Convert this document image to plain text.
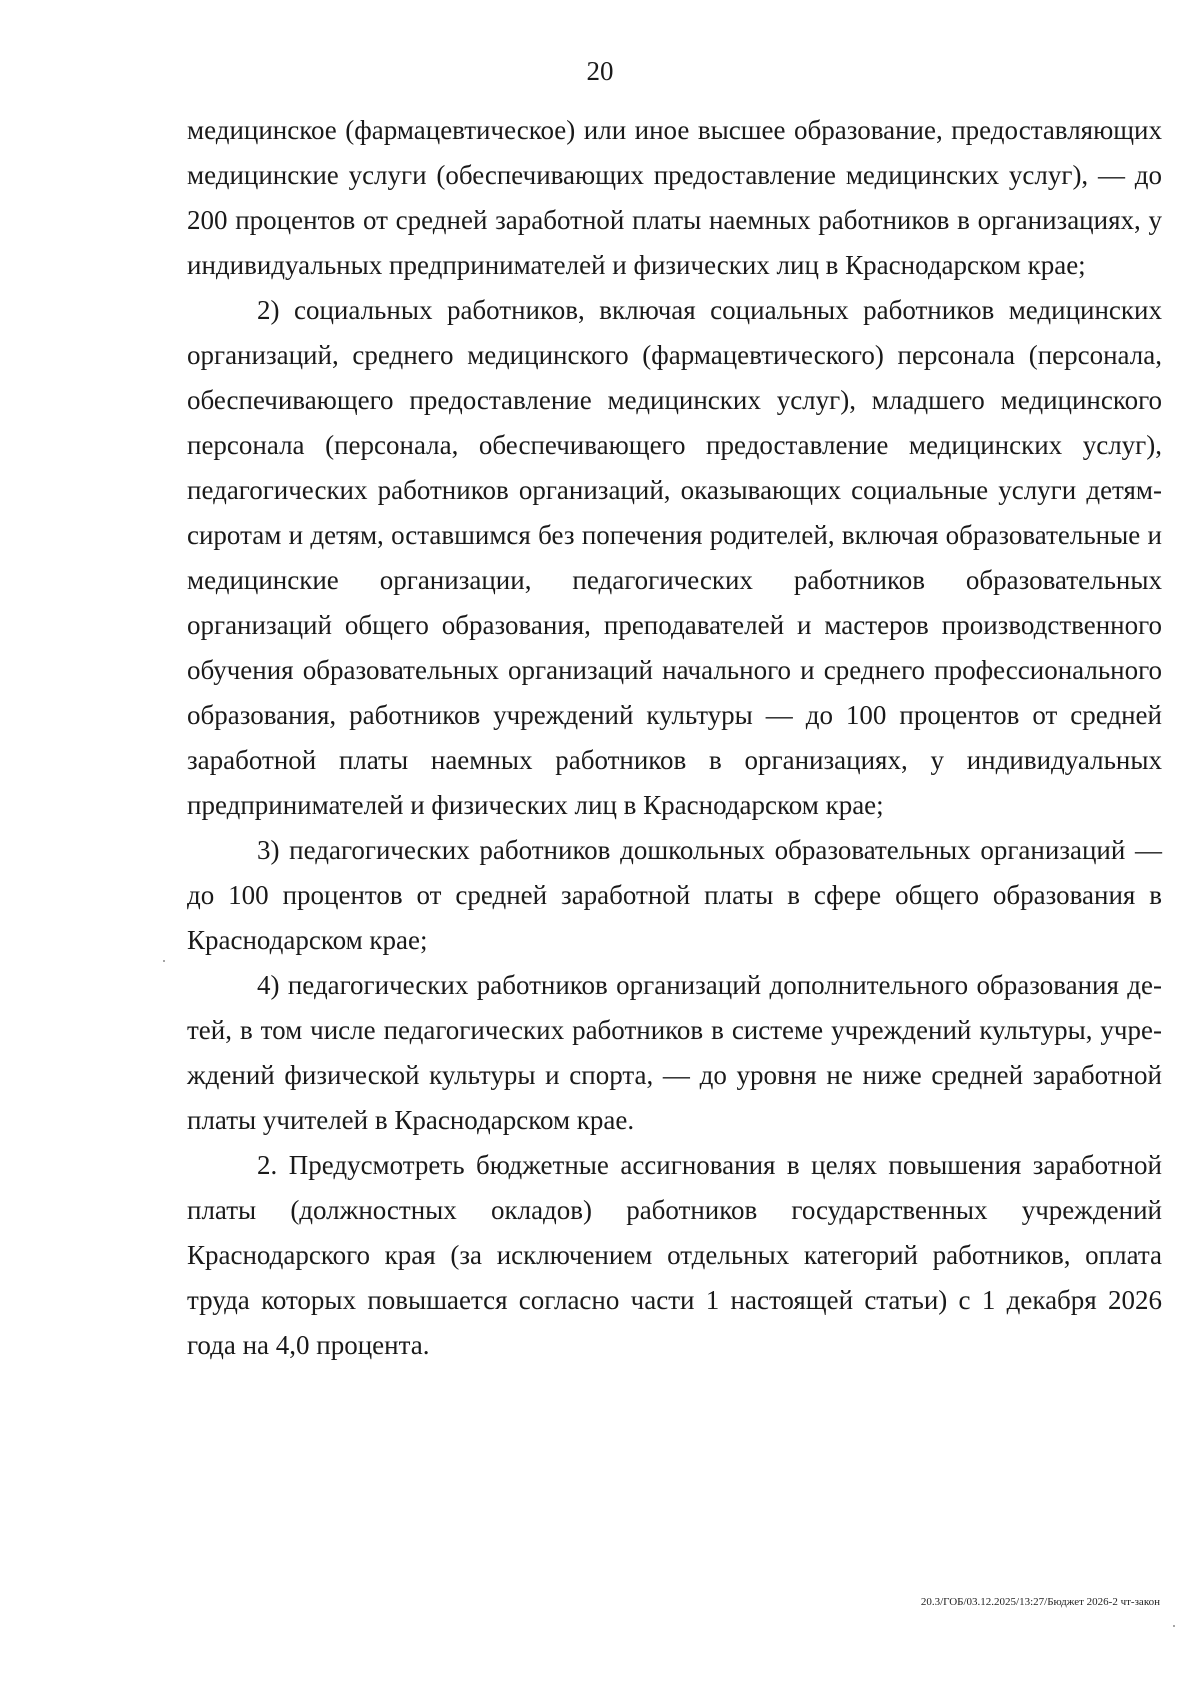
20

медицинское (фармацевтическое) или иное высшее образование, предоставляющих медицинские услуги (обеспечивающих предоставление медицинских услуг), — до 200 процентов от средней заработной платы наемных работников в организациях, у индивидуальных предпринимателей и физических лиц в Краснодарском крае;

2) социальных работников, включая социальных работников медицинских организаций, среднего медицинского (фармацевтического) персонала (персонала, обеспечивающего предоставление медицинских услуг), младшего медицинского персонала (персонала, обеспечивающего предоставление медицинских услуг), педагогических работников организаций, оказывающих социальные услуги детям-сиротам и детям, оставшимся без попечения родителей, включая образовательные и медицинские организации, педагогических работников образовательных организаций общего образования, преподавателей и мастеров производственного обучения образовательных организаций начального и среднего профессионального образования, работников учреждений культуры — до 100 процентов от средней заработной платы наемных работников в организациях, у индивидуальных предпринимателей и физических лиц в Краснодарском крае;

3) педагогических работников дошкольных образовательных организаций — до 100 процентов от средней заработной платы в сфере общего образования в Краснодарском крае;

4) педагогических работников организаций дополнительного образования детей, в том числе педагогических работников в системе учреждений культуры, учреждений физической культуры и спорта, — до уровня не ниже средней заработной платы учителей в Краснодарском крае.

2. Предусмотреть бюджетные ассигнования в целях повышения заработной платы (должностных окладов) работников государственных учреждений Краснодарского края (за исключением отдельных категорий работников, оплата труда которых повышается согласно части 1 настоящей статьи) с 1 декабря 2026 года на 4,0 процента.

20.3/ГОБ/03.12.2025/13:27/Бюджет 2026-2 чт-закон
